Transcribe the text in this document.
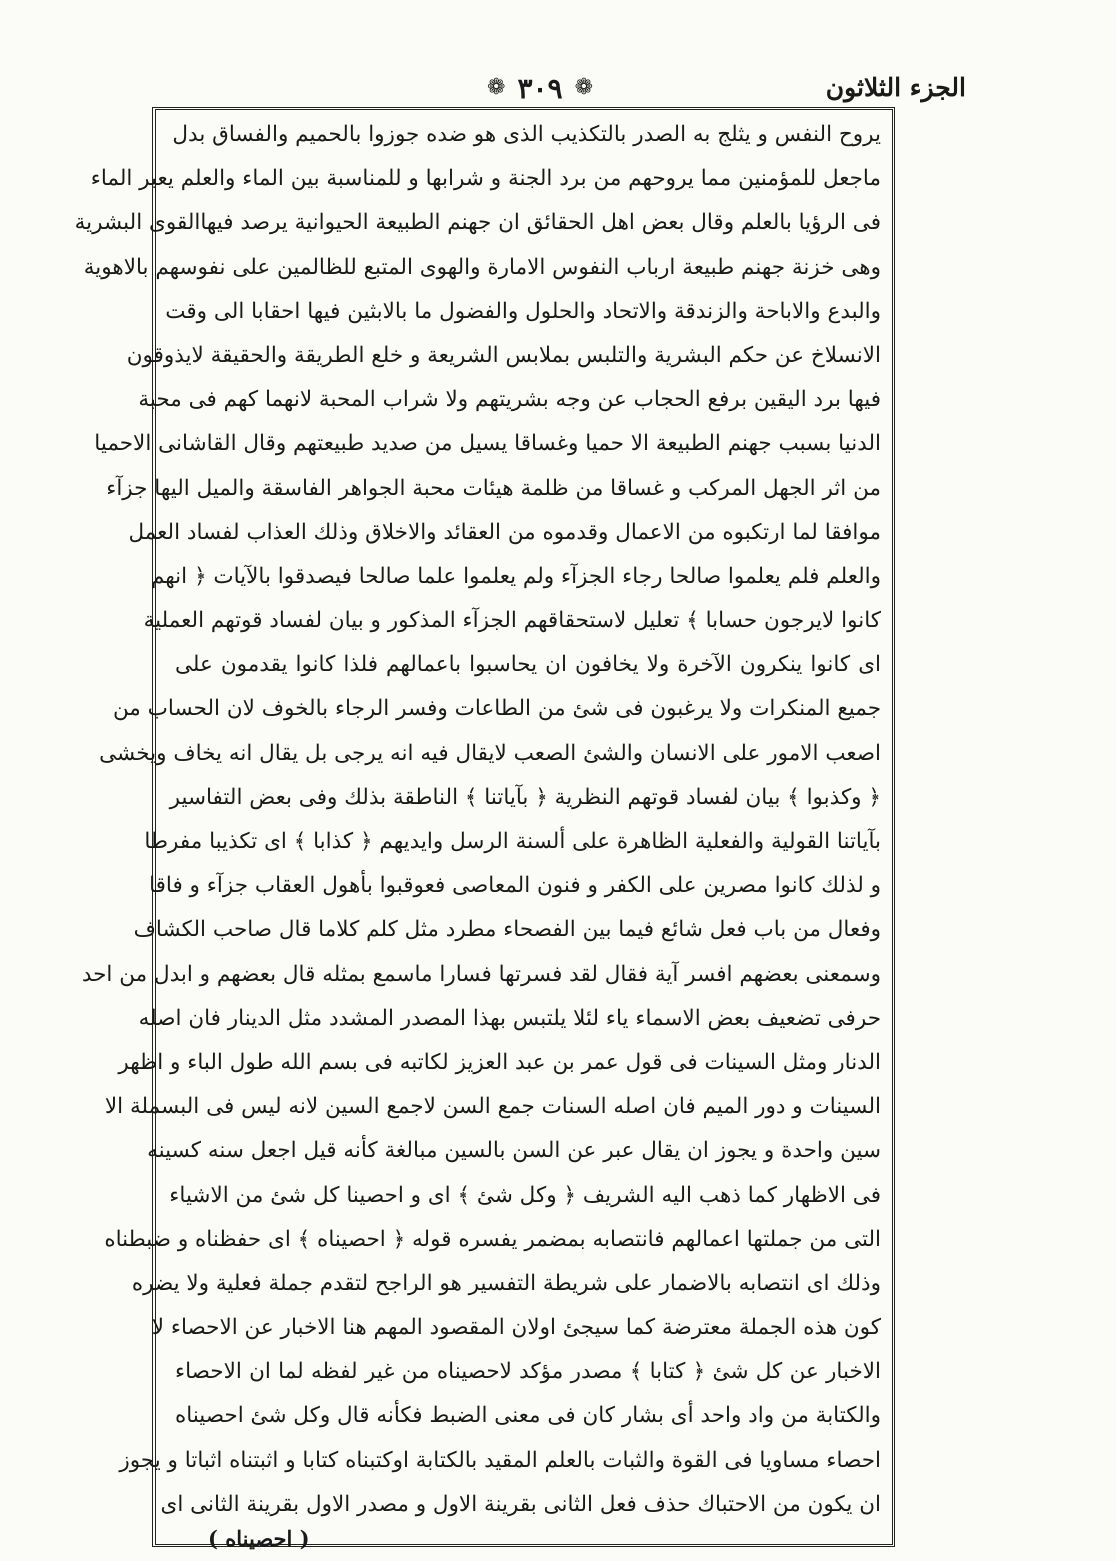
الجزء الثلاثون
❁
٣٠٩
❁
يروح النفس و يثلج به الصدر بالتكذيب الذى هو ضده جوزوا بالحميم والفساق بدل
ماجعل للمؤمنين مما يروحهم من برد الجنة و شرابها و للمناسبة بين الماء والعلم يعبر الماء
فى الرؤيا بالعلم وقال بعض اهل الحقائق ان جهنم الطبيعة الحيوانية يرصد فيهاالقوى البشرية
وهى خزنة جهنم طبيعة ارباب النفوس الامارة والهوى المتبع للظالمين على نفوسهم بالاهوية
والبدع والاباحة والزندقة والاتحاد والحلول والفضول ما بالابثين فيها احقابا الى وقت
الانسلاخ عن حكم البشرية والتلبس بملابس الشريعة و خلع الطريقة والحقيقة لايذوقون
فيها برد اليقين برفع الحجاب عن وجه بشريتهم ولا شراب المحبة لانهما كهم فى محبة
الدنيا بسبب جهنم الطبيعة الا حميا وغساقا يسيل من صديد طبيعتهم وقال القاشانى الاحميا
من اثر الجهل المركب و غساقا من ظلمة هيئات محبة الجواهر الفاسقة والميل اليها جزآء
موافقا لما ارتكبوه من الاعمال وقدموه من العقائد والاخلاق وذلك العذاب لفساد العمل
والعلم فلم يعلموا صالحا رجاء الجزآء ولم يعلموا علما صالحا فيصدقوا بالآيات ﴿ انهم
كانوا لايرجون حسابا ﴾ تعليل لاستحقاقهم الجزآء المذكور و بيان لفساد قوتهم العملية
اى كانوا ينكرون الآخرة ولا يخافون ان يحاسبوا باعمالهم فلذا كانوا يقدمون على
جميع المنكرات ولا يرغبون فى شئ من الطاعات وفسر الرجاء بالخوف لان الحساب من
اصعب الامور على الانسان والشئ الصعب لايقال فيه انه يرجى بل يقال انه يخاف ويخشى
﴿ وكذبوا ﴾ بيان لفساد قوتهم النظرية ﴿ بآياتنا ﴾ الناطقة بذلك وفى بعض التفاسير
بآياتنا القولية والفعلية الظاهرة على ألسنة الرسل وايديهم ﴿ كذابا ﴾ اى تكذيبا مفرطا
و لذلك كانوا مصرين على الكفر و فنون المعاصى فعوقبوا بأهول العقاب جزآء و فاقا
وفعال من باب فعل شائع فيما بين الفصحاء مطرد مثل كلم كلاما قال صاحب الكشاف
وسمعنى بعضهم افسر آية فقال لقد فسرتها فسارا ماسمع بمثله قال بعضهم و ابدل من احد
حرفى تضعيف بعض الاسماء ياء لئلا يلتبس بهذا المصدر المشدد مثل الدينار فان اصله
الدنار ومثل السينات فى قول عمر بن عبد العزيز لكاتبه فى بسم الله طول الباء و اظهر
السينات و دور الميم فان اصله السنات جمع السن لاجمع السين لانه ليس فى البسملة الا
سين واحدة و يجوز ان يقال عبر عن السن بالسين مبالغة كأنه قيل اجعل سنه كسينه
فى الاظهار كما ذهب اليه الشريف ﴿ وكل شئ ﴾ اى و احصينا كل شئ من الاشياء
التى من جملتها اعمالهم فانتصابه بمضمر يفسره قوله ﴿ احصيناه ﴾ اى حفظناه و ضبطناه
وذلك اى انتصابه بالاضمار على شريطة التفسير هو الراجح لتقدم جملة فعلية ولا يضره
كون هذه الجملة معترضة كما سيجئ اولان المقصود المهم هنا الاخبار عن الاحصاء لا
الاخبار عن كل شئ ﴿ كتابا ﴾ مصدر مؤكد لاحصيناه من غير لفظه لما ان الاحصاء
والكتابة من واد واحد أى بشار كان فى معنى الضبط فكأنه قال وكل شئ احصيناه
احصاء مساويا فى القوة والثبات بالعلم المقيد بالكتابة اوكتبناه كتابا و اثبتناه اثباتا و يجوز
ان يكون من الاحتباك حذف فعل الثانى بقرينة الاول و مصدر الاول بقرينة الثانى اى
( احصيناه )
